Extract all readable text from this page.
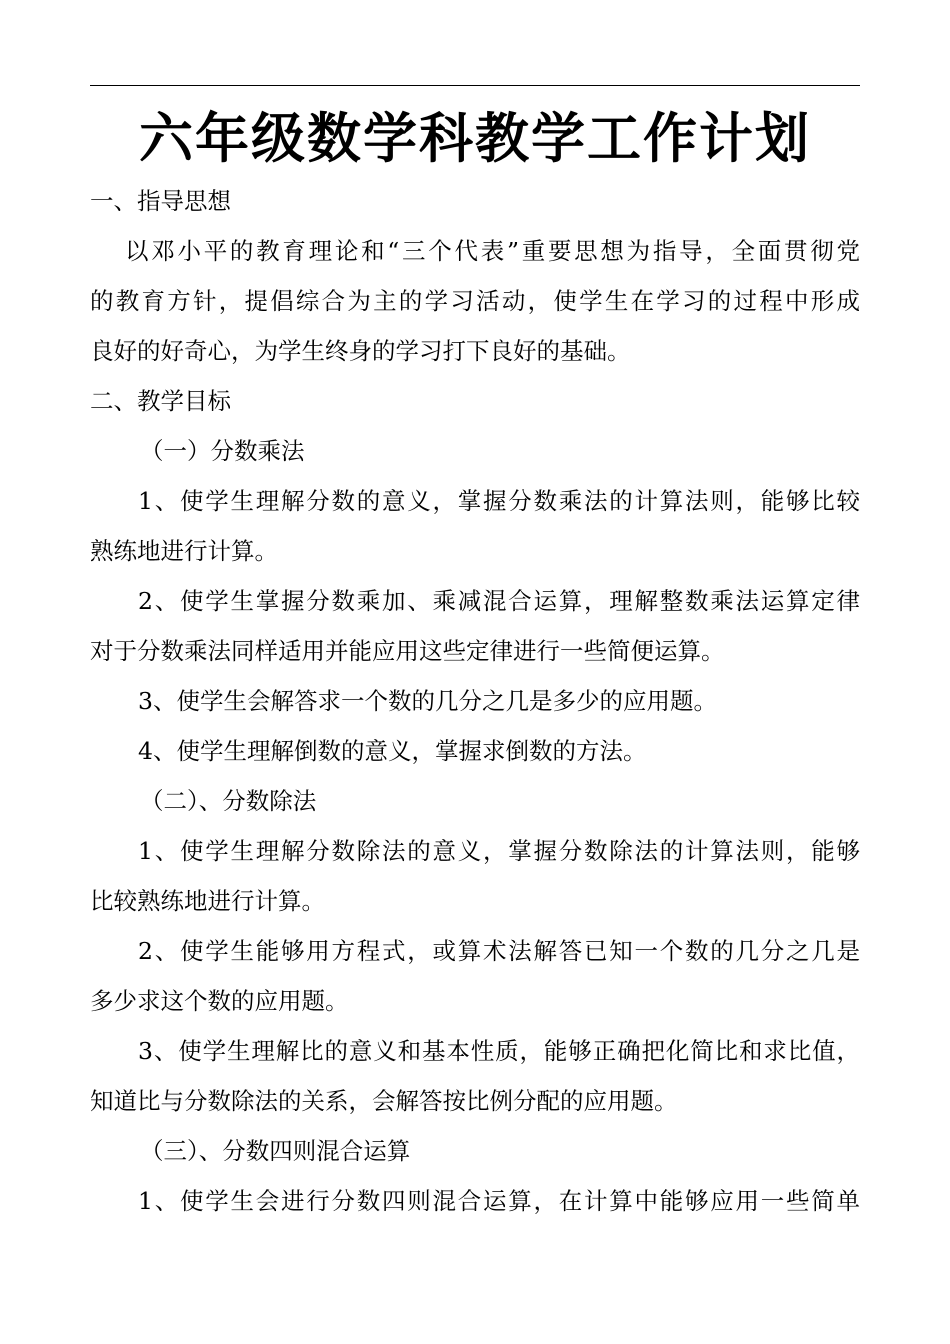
六年级数学科教学工作计划
一、指导思想
以邓小平的教育理论和“三个代表”重要思想为指导，全面贯彻党
的教育方针，提倡综合为主的学习活动，使学生在学习的过程中形成
良好的好奇心，为学生终身的学习打下良好的基础。
二、教学目标
（一）分数乘法
1、使学生理解分数的意义，掌握分数乘法的计算法则，能够比较
熟练地进行计算。
2、使学生掌握分数乘加、乘减混合运算，理解整数乘法运算定律
对于分数乘法同样适用并能应用这些定律进行一些简便运算。
3、使学生会解答求一个数的几分之几是多少的应用题。
4、使学生理解倒数的意义，掌握求倒数的方法。
（二）、分数除法
1、使学生理解分数除法的意义，掌握分数除法的计算法则，能够
比较熟练地进行计算。
2、使学生能够用方程式，或算术法解答已知一个数的几分之几是
多少求这个数的应用题。
3、使学生理解比的意义和基本性质，能够正确把化简比和求比值，
知道比与分数除法的关系，会解答按比例分配的应用题。
（三）、分数四则混合运算
1、使学生会进行分数四则混合运算，在计算中能够应用一些简单
